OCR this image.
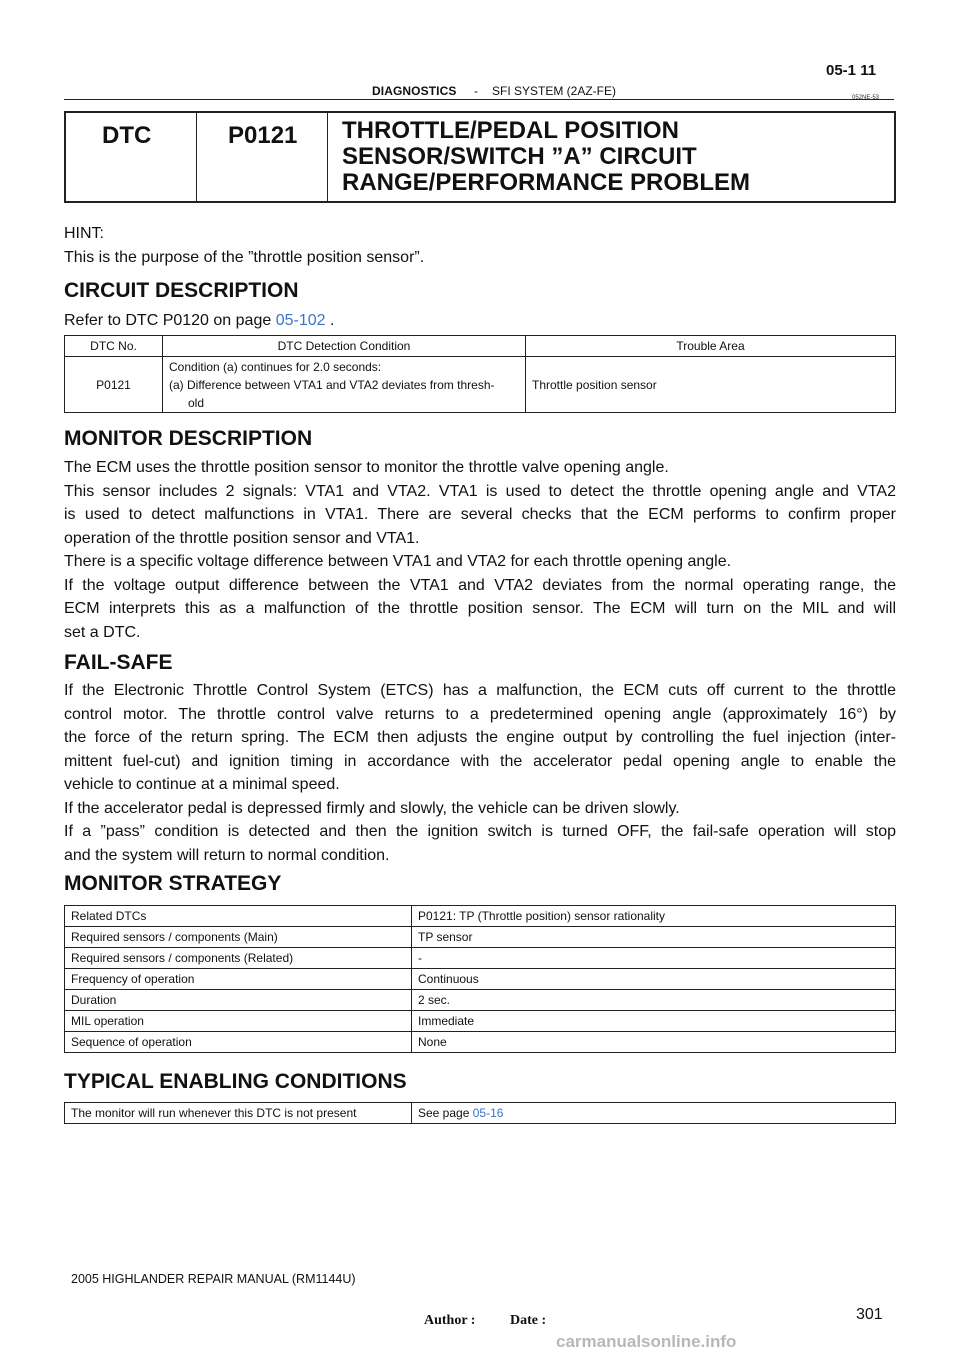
05-1 11
DIAGNOSTICS - SFI SYSTEM (2AZ-FE)	052NE-53
DTC	P0121 THROTTLE/PEDAL POSITION
SENSOR/SWITCH ”A” CIRCUIT
RANGE/PERFORMANCE PROBLEM
HINT:
This is the purpose of the ”throttle position sensor”.
CIRCUIT DESCRIPTION
Refer to DTC P0120 on page 05-102 .
DTC No.	DTC Detection Condition	Trouble Area
P0121	Condition (a) continues for 2.0 seconds:
(a) Difference between VTA1 and VTA2 deviates from thresh-
old	Throttle position sensor
MONITOR DESCRIPTION
The ECM uses the throttle position sensor to monitor the throttle valve opening angle.
This sensor includes 2 signals: VTA1 and VTA2. VTA1 is used to detect the throttle opening angle and VTA2
is used to detect malfunctions in VTA1. There are several checks that the ECM performs to confirm proper
operation of the throttle position sensor and VTA1.
There is a specific voltage difference between VTA1 and VTA2 for each throttle opening angle.
If the voltage output difference between the VTA1 and VTA2 deviates from the normal operating range, the
ECM interprets this as a malfunction of the throttle position sensor. The ECM will turn on the MIL and will
set a DTC.
FAIL-SAFE
If the Electronic Throttle Control System (ETCS) has a malfunction, the ECM cuts off current to the throttle
control motor. The throttle control valve returns to a predetermined opening angle (approximately 16°) by
the force of the return spring. The ECM then adjusts the engine output by controlling the fuel injection (inter-
mittent fuel-cut) and ignition timing in accordance with the accelerator pedal opening angle to enable the
vehicle to continue at a minimal speed.
If the accelerator pedal is depressed firmly and slowly, the vehicle can be driven slowly.
If a ”pass” condition is detected and then the ignition switch is turned OFF, the fail-safe operation will stop
and the system will return to normal condition.
MONITOR STRATEGY
Related DTCs	P0121: TP (Throttle position) sensor rationality
Required sensors / components (Main)	TP sensor
Required sensors / components (Related)	-
Frequency of operation	Continuous
Duration	2 sec.
MIL operation	Immediate
Sequence of operation	None
TYPICAL ENABLING CONDITIONS
The monitor will run whenever this DTC is not present	See page 05-16
2005 HIGHLANDER REPAIR MANUAL (RM1144U)
Author : Date :	301
carmanualsonline.info
